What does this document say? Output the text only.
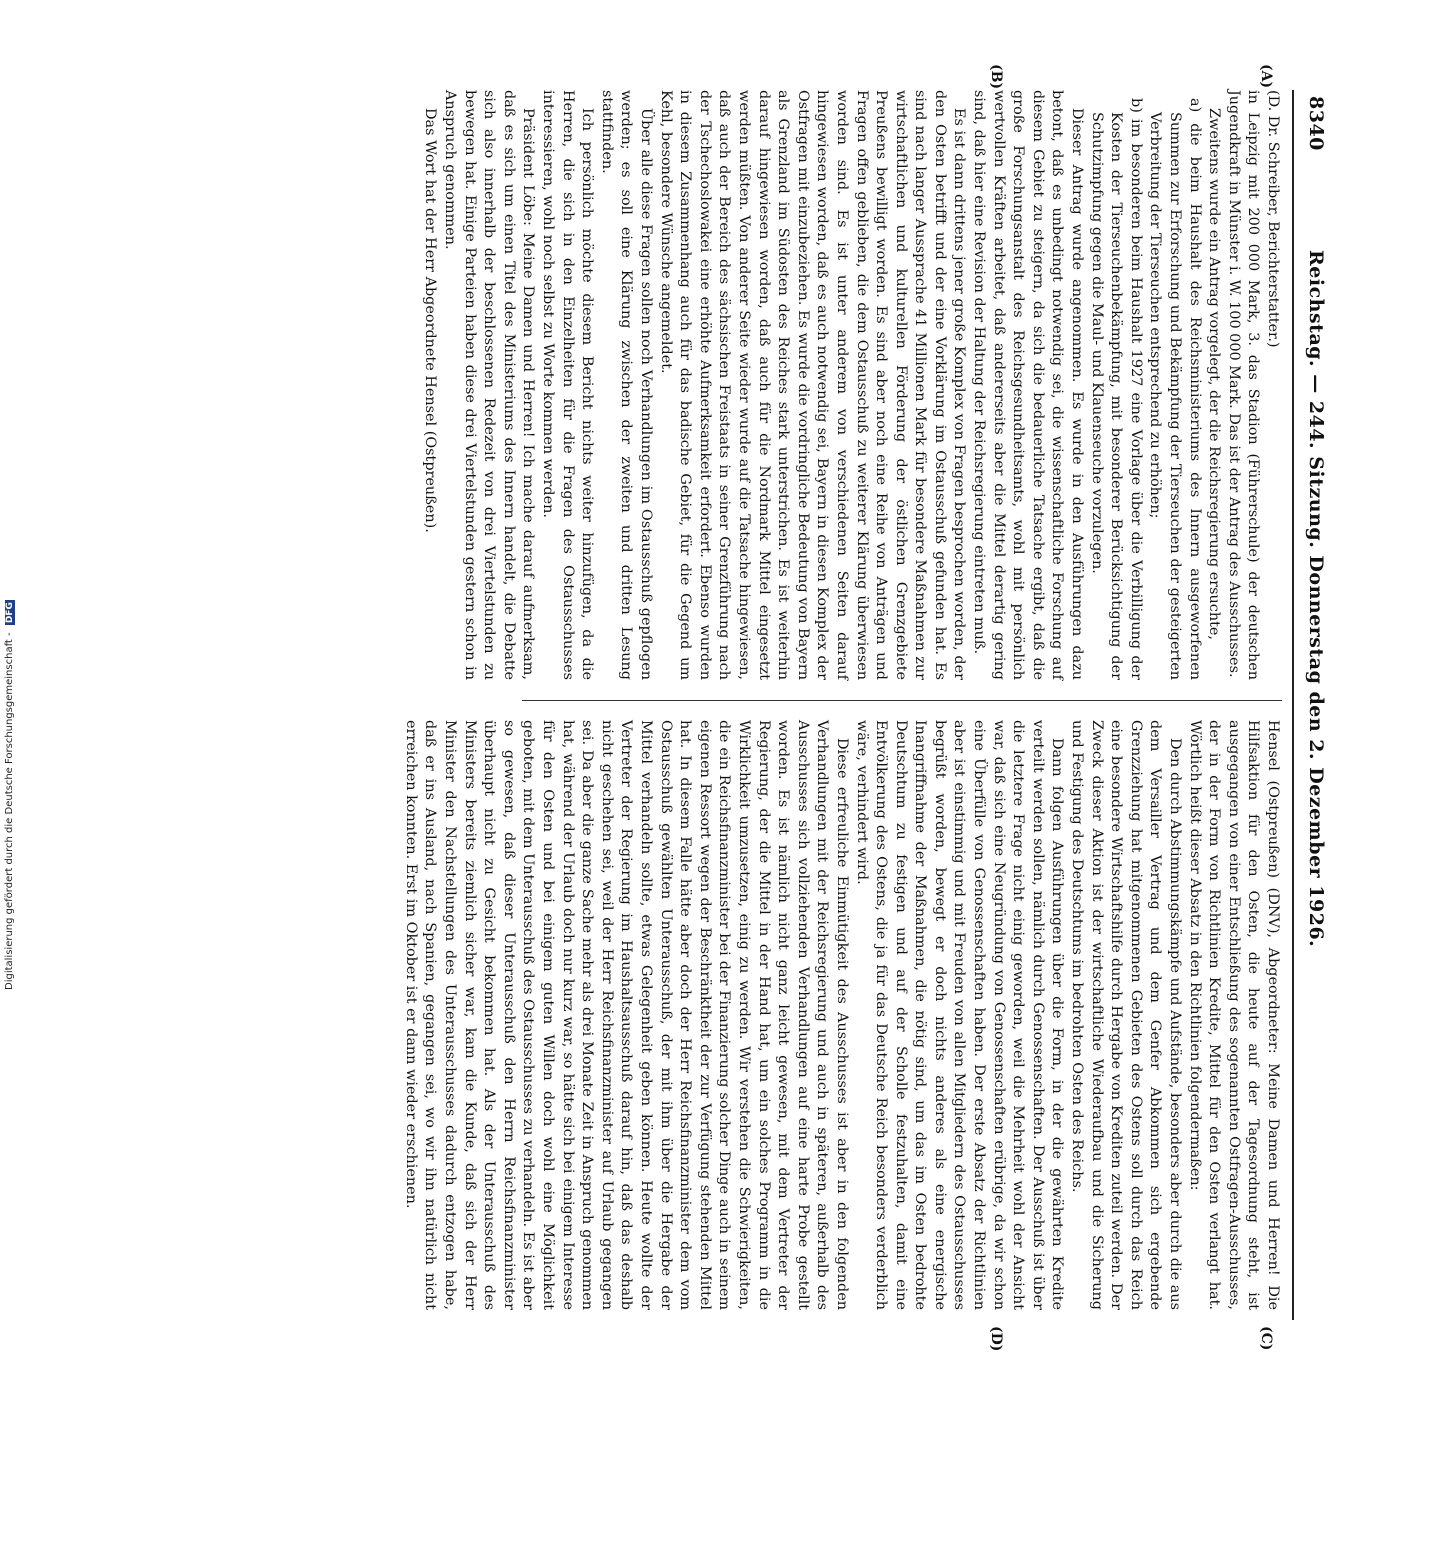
8340
Reichstag. — 244. Sitzung. Donnerstag den 2. Dezember 1926.
(A)
(B)
(C)
(D)

(D. Dr. Schreiber, Berichterstatter.)

in Leipzig mit 200 000 Mark, 3. das Stadion (Führerschule) der deutschen Jugendkraft in Münster i. W. 100 000 Mark. Das ist der Antrag des Ausschusses.

Zweitens wurde ein Antrag vorgelegt, der die Reichsregierung ersuchte,

a) die beim Haushalt des Reichsministeriums des Innern ausgeworfenen Summen zur Erforschung und Bekämpfung der Tierseuchen der gesteigerten Verbreitung der Tierseuchen entsprechend zu erhöhen;

b) im besonderen beim Haushalt 1927 eine Vorlage über die Verbilligung der Kosten der Tierseuchenbekämpfung, mit besonderer Berücksichtigung der Schutzimpfung gegen die Maul- und Klauenseuche vorzulegen.

Dieser Antrag wurde angenommen. Es wurde in den Ausführungen dazu betont, daß es unbedingt notwendig sei, die wissenschaftliche Forschung auf diesem Gebiet zu steigern, da sich die bedauerliche Tatsache ergibt, daß die große Forschungsanstalt des Reichsgesundheitsamts, wohl mit persönlich wertvollen Kräften arbeitet, daß andererseits aber die Mittel derartig gering sind, daß hier eine Revision der Haltung der Reichsregierung eintreten muß.

Es ist dann drittens jener große Komplex von Fragen besprochen worden, der den Osten betrifft und der eine Vorklärung im Ostausschuß gefunden hat. Es sind nach langer Aussprache 41 Millionen Mark für besondere Maßnahmen zur wirtschaftlichen und kulturellen Förderung der östlichen Grenzgebiete Preußens bewilligt worden. Es sind aber noch eine Reihe von Anträgen und Fragen offen geblieben, die dem Ostausschuß zu weiterer Klärung überwiesen worden sind. Es ist unter anderem von verschiedenen Seiten darauf hingewiesen worden, daß es auch notwendig sei, Bayern in diesen Komplex der Ostfragen mit einzubeziehen. Es wurde die vordringliche Bedeutung von Bayern als Grenzland im Südosten des Reiches stark unterstrichen. Es ist weiterhin darauf hingewiesen worden, daß auch für die Nordmark Mittel eingesetzt werden müßten. Von anderer Seite wieder wurde auf die Tatsache hingewiesen, daß auch der Bereich des sächsischen Freistaats in seiner Grenzführung nach der Tschechoslowakei eine erhöhte Aufmerksamkeit erfordert. Ebenso wurden in diesem Zusammenhang auch für das badische Gebiet, für die Gegend um Kehl, besondere Wünsche angemeldet.

Über alle diese Fragen sollen noch Verhandlungen im Ostausschuß gepflogen werden; es soll eine Klärung zwischen der zweiten und dritten Lesung stattfinden.

Ich persönlich möchte diesem Bericht nichts weiter hinzufügen, da die Herren, die sich in den Einzelheiten für die Fragen des Ostausschusses interessieren, wohl noch selbst zu Worte kommen werden.

Präsident Löbe: Meine Damen und Herren! Ich mache darauf aufmerksam, daß es sich um einen Titel des Ministeriums des Innern handelt, die Debatte sich also innerhalb der beschlossenen Redezeit von drei Viertelstunden zu bewegen hat. Einige Parteien haben diese drei Viertelstunden gestern schon in Anspruch genommen.

Das Wort hat der Herr Abgeordnete Hensel (Ostpreußen).

Hensel (Ostpreußen) (DNV), Abgeordneter: Meine Damen und Herren! Die Hilfsaktion für den Osten, die heute auf der Tagesordnung steht, ist ausgegangen von einer Entschließung des sogenannten Ostfragen-Ausschusses, der in der Form von Richtlinien Kredite, Mittel für den Osten verlangt hat. Wörtlich heißt dieser Absatz in den Richtlinien folgendermaßen:

Den durch Abstimmungskämpfe und Aufstände, besonders aber durch die aus dem Versailler Vertrag und dem Genfer Abkommen sich ergebende Grenzziehung hat mitgenommenen Gebieten des Ostens soll durch das Reich eine besondere Wirtschaftshilfe durch Hergabe von Krediten zuteil werden. Der Zweck dieser Aktion ist der wirtschaftliche Wiederaufbau und die Sicherung und Festigung des Deutschtums im bedrohten Osten des Reichs.

Dann folgen Ausführungen über die Form, in der die gewährten Kredite verteilt werden sollen, nämlich durch Genossenschaften. Der Ausschuß ist über die letztere Frage nicht einig geworden, weil die Mehrheit wohl der Ansicht war, daß sich eine Neugründung von Genossenschaften erübrige, da wir schon eine Überfülle von Genossenschaften haben. Der erste Absatz der Richtlinien aber ist einstimmig und mit Freuden von allen Mitgliedern des Ostausschusses begrüßt worden, bewegt er doch nichts anderes als eine energische Inangriffnahme der Maßnahmen, die nötig sind, um das im Osten bedrohte Deutschtum zu festigen und auf der Scholle festzuhalten, damit eine Entvölkerung des Ostens, die ja für das Deutsche Reich besonders verderblich wäre, verhindert wird.

Diese erfreuliche Einmütigkeit des Ausschusses ist aber in den folgenden Verhandlungen mit der Reichsregierung und auch in späteren, außerhalb des Ausschusses sich vollziehenden Verhandlungen auf eine harte Probe gestellt worden. Es ist nämlich nicht ganz leicht gewesen, mit dem Vertreter der Regierung, der die Mittel in der Hand hat, um ein solches Programm in die Wirklichkeit umzusetzen, einig zu werden. Wir verstehen die Schwierigkeiten, die ein Reichsfinanzminister bei der Finanzierung solcher Dinge auch in seinem eigenen Ressort wegen der Beschränktheit der zur Verfügung stehenden Mittel hat. In diesem Falle hätte aber doch der Herr Reichsfinanzminister dem vom Ostausschuß gewählten Unterausschuß, der mit ihm über die Hergabe der Mittel verhandeln sollte, etwas Gelegenheit geben können. Heute wollte der Vertreter der Regierung im Haushaltsausschuß darauf hin, daß das deshalb nicht geschehen sei, weil der Herr Reichsfinanzminister auf Urlaub gegangen sei. Da aber die ganze Sache mehr als drei Monate Zeit in Anspruch genommen hat, während der Urlaub doch nur kurz war, so hätte sich bei einigem Interesse für den Osten und bei einigem guten Willen doch wohl eine Möglichkeit geboten, mit dem Unterausschuß des Ostausschusses zu verhandeln. Es ist aber so gewesen, daß dieser Unterausschuß den Herrn Reichsfinanzminister überhaupt nicht zu Gesicht bekommen hat. Als der Unterausschuß des Ministers bereits ziemlich sicher war, kam die Kunde, daß sich der Herr Minister den Nachstellungen des Unterausschusses dadurch entzogen habe, daß er ins Ausland, nach Spanien, gegangen sei, wo wir ihn natürlich nicht erreichen konnten. Erst im Oktober ist er dann wieder erschienen.

Digitalisierung gefördert durch die Deutsche Forschungsgemeinschaft - DFG
